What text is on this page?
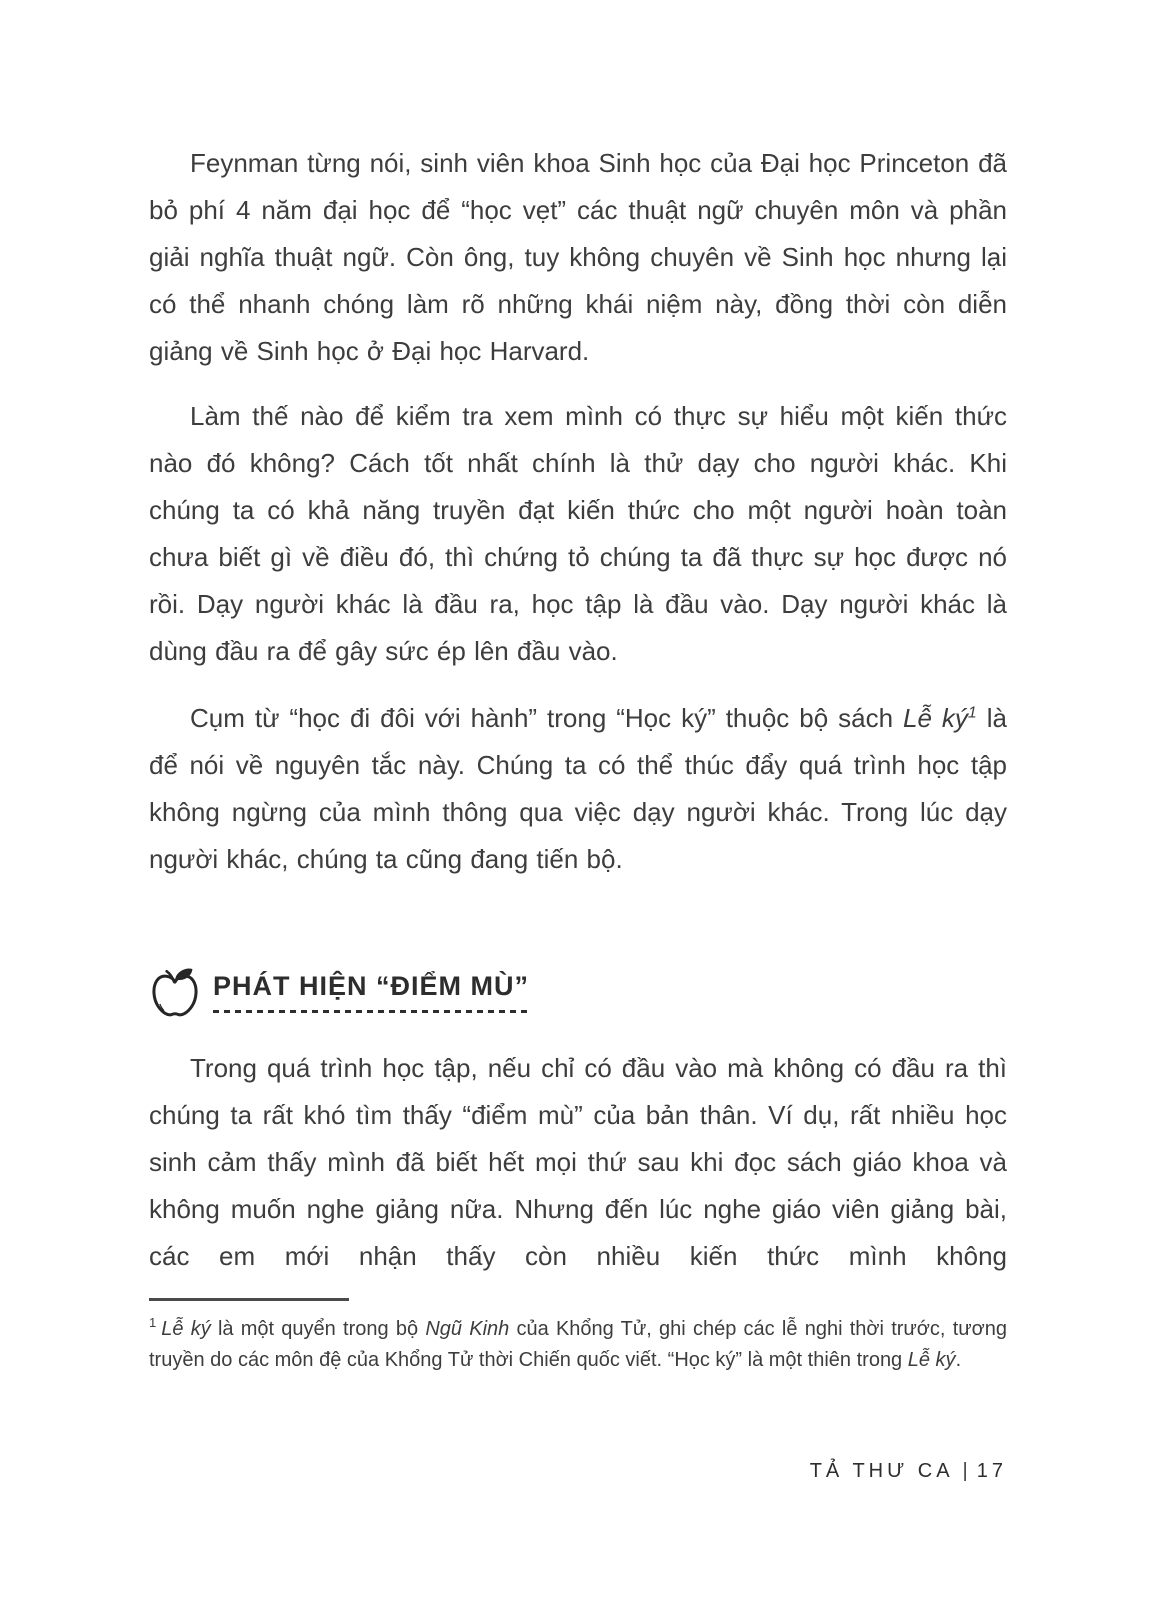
Feynman từng nói, sinh viên khoa Sinh học của Đại học Princeton đã bỏ phí 4 năm đại học để “học vẹt” các thuật ngữ chuyên môn và phần giải nghĩa thuật ngữ. Còn ông, tuy không chuyên về Sinh học nhưng lại có thể nhanh chóng làm rõ những khái niệm này, đồng thời còn diễn giảng về Sinh học ở Đại học Harvard.

Làm thế nào để kiểm tra xem mình có thực sự hiểu một kiến thức nào đó không? Cách tốt nhất chính là thử dạy cho người khác. Khi chúng ta có khả năng truyền đạt kiến thức cho một người hoàn toàn chưa biết gì về điều đó, thì chứng tỏ chúng ta đã thực sự học được nó rồi. Dạy người khác là đầu ra, học tập là đầu vào. Dạy người khác là dùng đầu ra để gây sức ép lên đầu vào.

Cụm từ “học đi đôi với hành” trong “Học ký” thuộc bộ sách Lễ ký$^1$ là để nói về nguyên tắc này. Chúng ta có thể thúc đẩy quá trình học tập không ngừng của mình thông qua việc dạy người khác. Trong lúc dạy người khác, chúng ta cũng đang tiến bộ.

PHÁT HIỆN “ĐIỂM MÙ”

Trong quá trình học tập, nếu chỉ có đầu vào mà không có đầu ra thì chúng ta rất khó tìm thấy “điểm mù” của bản thân. Ví dụ, rất nhiều học sinh cảm thấy mình đã biết hết mọi thứ sau khi đọc sách giáo khoa và không muốn nghe giảng nữa. Nhưng đến lúc nghe giáo viên giảng bài, các em mới nhận thấy còn nhiều kiến thức mình không

$^1$ Lễ ký là một quyển trong bộ Ngũ Kinh của Khổng Tử, ghi chép các lễ nghi thời trước, tương truyền do các môn đệ của Khổng Tử thời Chiến quốc viết. “Học ký” là một thiên trong Lễ ký.

TẢ THƯ CA | 17
